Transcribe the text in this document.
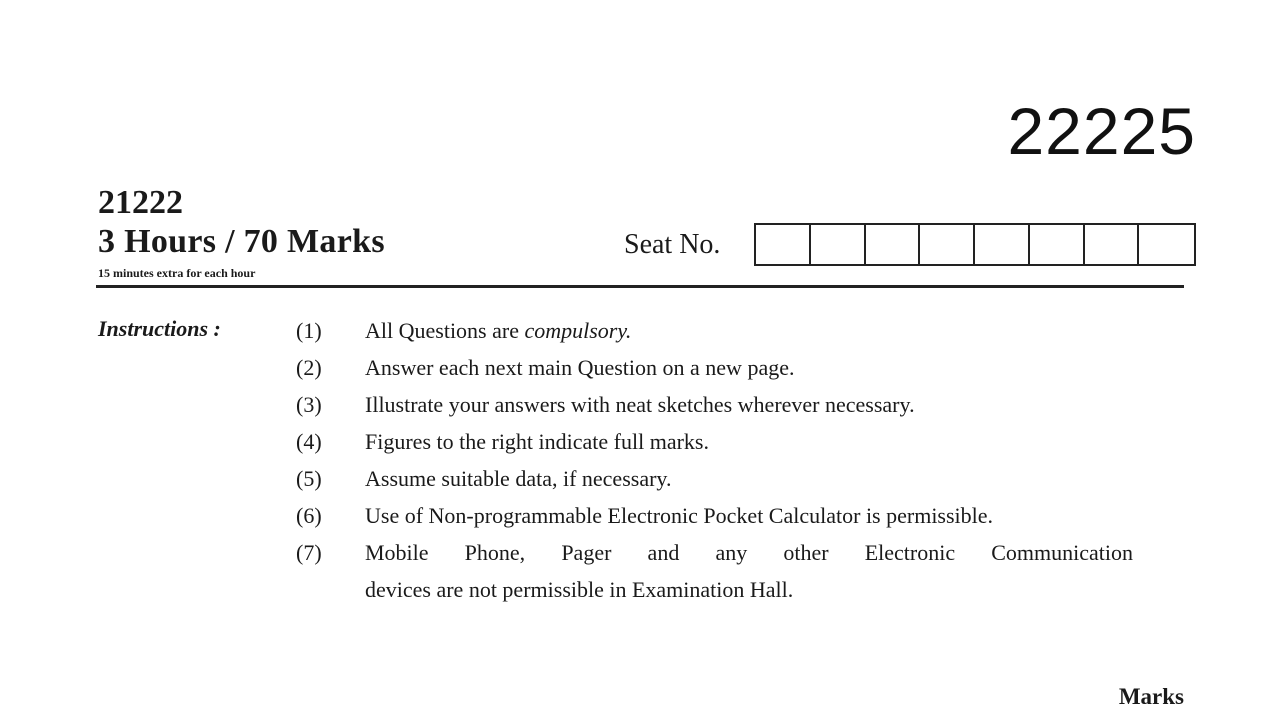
22225
21222
3 Hours / 70 Marks
15 minutes extra for each hour
Seat No.
Instructions :	(1)	All Questions are compulsory.
(2)	Answer each next main Question on a new page.
(3)	Illustrate your answers with neat sketches wherever necessary.
(4)	Figures to the right indicate full marks.
(5)	Assume suitable data, if necessary.
(6)	Use of Non-programmable Electronic Pocket Calculator is permissible.
(7)	Mobile Phone, Pager and any other Electronic Communication
devices are not permissible in Examination Hall.
Marks
